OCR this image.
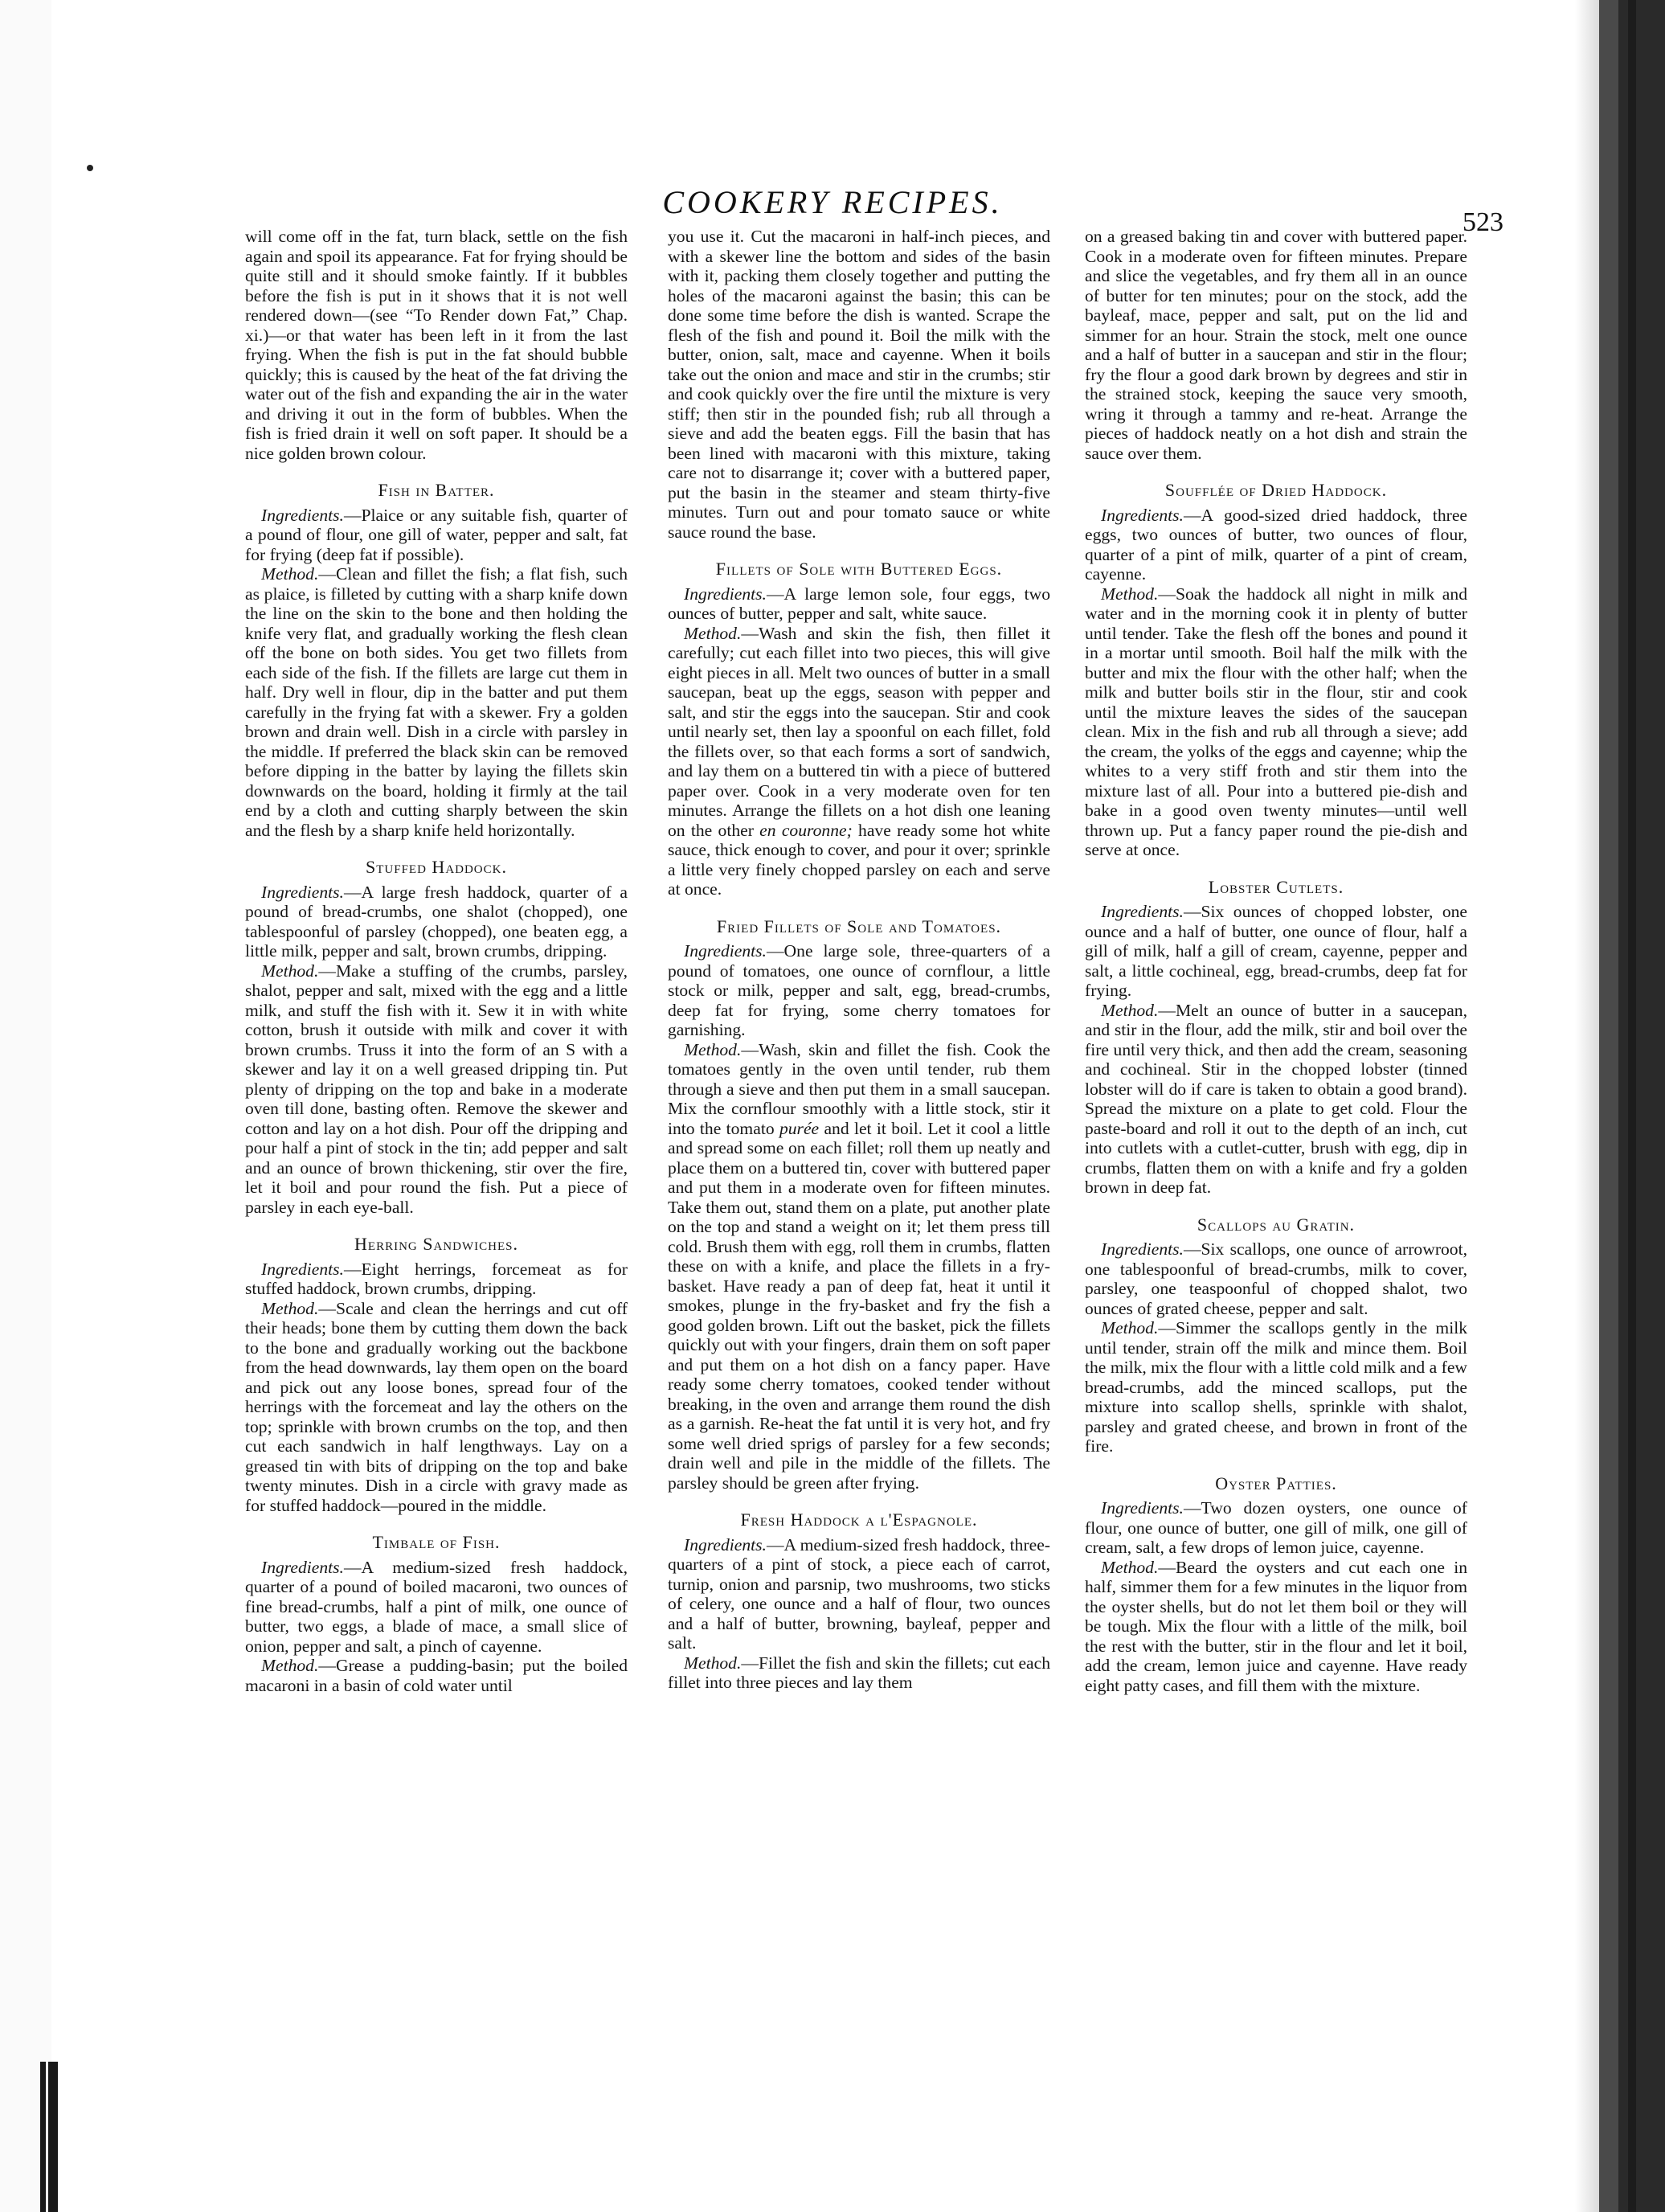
COOKERY RECIPES.
523

will come off in the fat, turn black, settle on the fish again and spoil its appearance. Fat for frying should be quite still and it should smoke faintly. If it bubbles before the fish is put in it shows that it is not well rendered down—(see “To Render down Fat,” Chap. xi.)—or that water has been left in it from the last frying. When the fish is put in the fat should bubble quickly; this is caused by the heat of the fat driving the water out of the fish and expanding the air in the water and driving it out in the form of bubbles. When the fish is fried drain it well on soft paper. It should be a nice golden brown colour.

Fish in Batter.

Ingredients.—Plaice or any suitable fish, quarter of a pound of flour, one gill of water, pepper and salt, fat for frying (deep fat if possible).

Method.—Clean and fillet the fish; a flat fish, such as plaice, is filleted by cutting with a sharp knife down the line on the skin to the bone and then holding the knife very flat, and gradually working the flesh clean off the bone on both sides. You get two fillets from each side of the fish. If the fillets are large cut them in half. Dry well in flour, dip in the batter and put them carefully in the frying fat with a skewer. Fry a golden brown and drain well. Dish in a circle with parsley in the middle. If preferred the black skin can be removed before dipping in the batter by laying the fillets skin downwards on the board, holding it firmly at the tail end by a cloth and cutting sharply between the skin and the flesh by a sharp knife held horizontally.

Stuffed Haddock.

Ingredients.—A large fresh haddock, quarter of a pound of bread-crumbs, one shalot (chopped), one tablespoonful of parsley (chopped), one beaten egg, a little milk, pepper and salt, brown crumbs, dripping.

Method.—Make a stuffing of the crumbs, parsley, shalot, pepper and salt, mixed with the egg and a little milk, and stuff the fish with it. Sew it in with white cotton, brush it outside with milk and cover it with brown crumbs. Truss it into the form of an S with a skewer and lay it on a well greased dripping tin. Put plenty of dripping on the top and bake in a moderate oven till done, basting often. Remove the skewer and cotton and lay on a hot dish. Pour off the dripping and pour half a pint of stock in the tin; add pepper and salt and an ounce of brown thickening, stir over the fire, let it boil and pour round the fish. Put a piece of parsley in each eye-ball.

Herring Sandwiches.

Ingredients.—Eight herrings, forcemeat as for stuffed haddock, brown crumbs, dripping.

Method.—Scale and clean the herrings and cut off their heads; bone them by cutting them down the back to the bone and gradually working out the backbone from the head downwards, lay them open on the board and pick out any loose bones, spread four of the herrings with the forcemeat and lay the others on the top; sprinkle with brown crumbs on the top, and then cut each sandwich in half lengthways. Lay on a greased tin with bits of dripping on the top and bake twenty minutes. Dish in a circle with gravy made as for stuffed haddock—poured in the middle.

Timbale of Fish.

Ingredients.—A medium-sized fresh haddock, quarter of a pound of boiled macaroni, two ounces of fine bread-crumbs, half a pint of milk, one ounce of butter, two eggs, a blade of mace, a small slice of onion, pepper and salt, a pinch of cayenne.

Method.—Grease a pudding-basin; put the boiled macaroni in a basin of cold water until

you use it. Cut the macaroni in half-inch pieces, and with a skewer line the bottom and sides of the basin with it, packing them closely together and putting the holes of the macaroni against the basin; this can be done some time before the dish is wanted. Scrape the flesh of the fish and pound it. Boil the milk with the butter, onion, salt, mace and cayenne. When it boils take out the onion and mace and stir in the crumbs; stir and cook quickly over the fire until the mixture is very stiff; then stir in the pounded fish; rub all through a sieve and add the beaten eggs. Fill the basin that has been lined with macaroni with this mixture, taking care not to disarrange it; cover with a buttered paper, put the basin in the steamer and steam thirty-five minutes. Turn out and pour tomato sauce or white sauce round the base.

Fillets of Sole with Buttered Eggs.

Ingredients.—A large lemon sole, four eggs, two ounces of butter, pepper and salt, white sauce.

Method.—Wash and skin the fish, then fillet it carefully; cut each fillet into two pieces, this will give eight pieces in all. Melt two ounces of butter in a small saucepan, beat up the eggs, season with pepper and salt, and stir the eggs into the saucepan. Stir and cook until nearly set, then lay a spoonful on each fillet, fold the fillets over, so that each forms a sort of sandwich, and lay them on a buttered tin with a piece of buttered paper over. Cook in a very moderate oven for ten minutes. Arrange the fillets on a hot dish one leaning on the other en couronne; have ready some hot white sauce, thick enough to cover, and pour it over; sprinkle a little very finely chopped parsley on each and serve at once.

Fried Fillets of Sole and Tomatoes.

Ingredients.—One large sole, three-quarters of a pound of tomatoes, one ounce of cornflour, a little stock or milk, pepper and salt, egg, bread-crumbs, deep fat for frying, some cherry tomatoes for garnishing.

Method.—Wash, skin and fillet the fish. Cook the tomatoes gently in the oven until tender, rub them through a sieve and then put them in a small saucepan. Mix the cornflour smoothly with a little stock, stir it into the tomato purée and let it boil. Let it cool a little and spread some on each fillet; roll them up neatly and place them on a buttered tin, cover with buttered paper and put them in a moderate oven for fifteen minutes. Take them out, stand them on a plate, put another plate on the top and stand a weight on it; let them press till cold. Brush them with egg, roll them in crumbs, flatten these on with a knife, and place the fillets in a fry-basket. Have ready a pan of deep fat, heat it until it smokes, plunge in the fry-basket and fry the fish a good golden brown. Lift out the basket, pick the fillets quickly out with your fingers, drain them on soft paper and put them on a hot dish on a fancy paper. Have ready some cherry tomatoes, cooked tender without breaking, in the oven and arrange them round the dish as a garnish. Re-heat the fat until it is very hot, and fry some well dried sprigs of parsley for a few seconds; drain well and pile in the middle of the fillets. The parsley should be green after frying.

Fresh Haddock a l'Espagnole.

Ingredients.—A medium-sized fresh haddock, three-quarters of a pint of stock, a piece each of carrot, turnip, onion and parsnip, two mushrooms, two sticks of celery, one ounce and a half of flour, two ounces and a half of butter, browning, bayleaf, pepper and salt.

Method.—Fillet the fish and skin the fillets; cut each fillet into three pieces and lay them

on a greased baking tin and cover with buttered paper. Cook in a moderate oven for fifteen minutes. Prepare and slice the vegetables, and fry them all in an ounce of butter for ten minutes; pour on the stock, add the bayleaf, mace, pepper and salt, put on the lid and simmer for an hour. Strain the stock, melt one ounce and a half of butter in a saucepan and stir in the flour; fry the flour a good dark brown by degrees and stir in the strained stock, keeping the sauce very smooth, wring it through a tammy and re-heat. Arrange the pieces of haddock neatly on a hot dish and strain the sauce over them.

Soufflée of Dried Haddock.

Ingredients.—A good-sized dried haddock, three eggs, two ounces of butter, two ounces of flour, quarter of a pint of milk, quarter of a pint of cream, cayenne.

Method.—Soak the haddock all night in milk and water and in the morning cook it in plenty of butter until tender. Take the flesh off the bones and pound it in a mortar until smooth. Boil half the milk with the butter and mix the flour with the other half; when the milk and butter boils stir in the flour, stir and cook until the mixture leaves the sides of the saucepan clean. Mix in the fish and rub all through a sieve; add the cream, the yolks of the eggs and cayenne; whip the whites to a very stiff froth and stir them into the mixture last of all. Pour into a buttered pie-dish and bake in a good oven twenty minutes—until well thrown up. Put a fancy paper round the pie-dish and serve at once.

Lobster Cutlets.

Ingredients.—Six ounces of chopped lobster, one ounce and a half of butter, one ounce of flour, half a gill of milk, half a gill of cream, cayenne, pepper and salt, a little cochineal, egg, bread-crumbs, deep fat for frying.

Method.—Melt an ounce of butter in a saucepan, and stir in the flour, add the milk, stir and boil over the fire until very thick, and then add the cream, seasoning and cochineal. Stir in the chopped lobster (tinned lobster will do if care is taken to obtain a good brand). Spread the mixture on a plate to get cold. Flour the paste-board and roll it out to the depth of an inch, cut into cutlets with a cutlet-cutter, brush with egg, dip in crumbs, flatten them on with a knife and fry a golden brown in deep fat.

Scallops au Gratin.

Ingredients.—Six scallops, one ounce of arrowroot, one tablespoonful of bread-crumbs, milk to cover, parsley, one teaspoonful of chopped shalot, two ounces of grated cheese, pepper and salt.

Method.—Simmer the scallops gently in the milk until tender, strain off the milk and mince them. Boil the milk, mix the flour with a little cold milk and a few bread-crumbs, add the minced scallops, put the mixture into scallop shells, sprinkle with shalot, parsley and grated cheese, and brown in front of the fire.

Oyster Patties.

Ingredients.—Two dozen oysters, one ounce of flour, one ounce of butter, one gill of milk, one gill of cream, salt, a few drops of lemon juice, cayenne.

Method.—Beard the oysters and cut each one in half, simmer them for a few minutes in the liquor from the oyster shells, but do not let them boil or they will be tough. Mix the flour with a little of the milk, boil the rest with the butter, stir in the flour and let it boil, add the cream, lemon juice and cayenne. Have ready eight patty cases, and fill them with the mixture.
